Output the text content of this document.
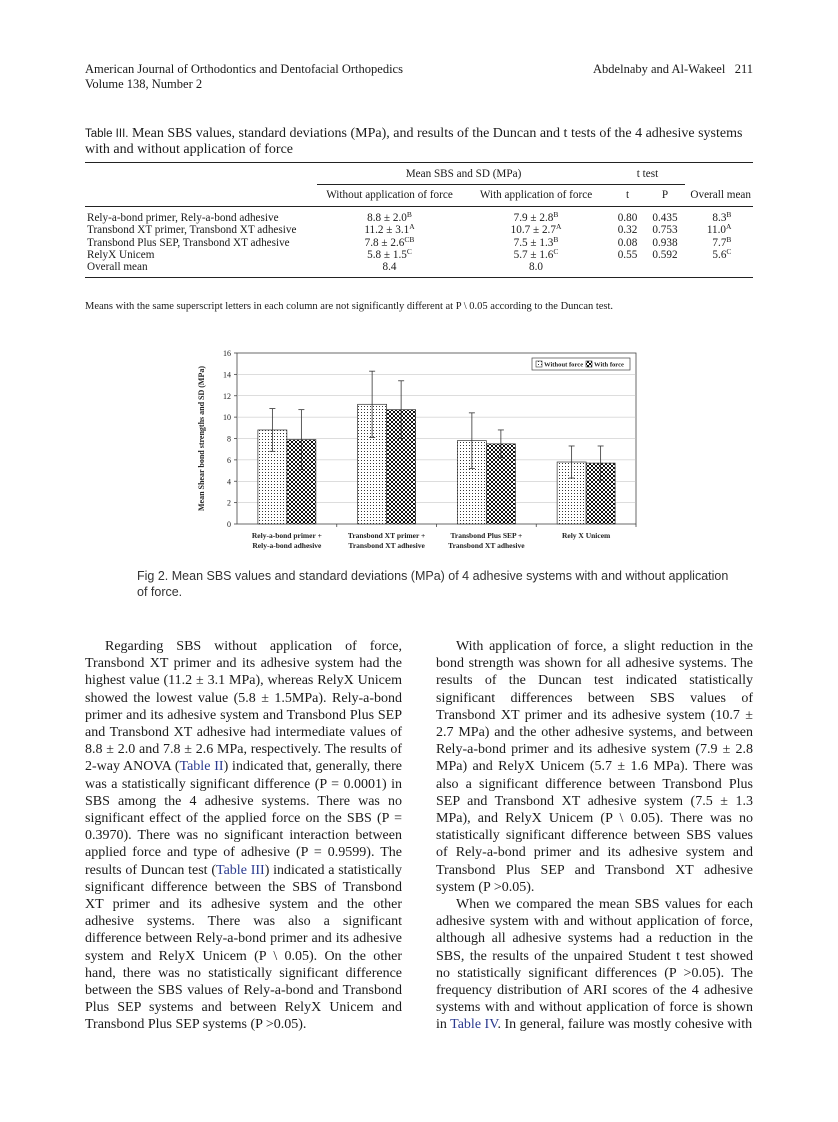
American Journal of Orthodontics and Dentofacial Orthopedics
Volume 138, Number 2
Abdelnaby and Al-Wakeel 211
Table III. Mean SBS values, standard deviations (MPa), and results of the Duncan and t tests of the 4 adhesive systems with and without application of force
	Mean SBS and SD (MPa)		t test		
	Without application of force	With application of force	t	P	Overall mean
Rely-a-bond primer, Rely-a-bond adhesive	$8.8 \pm 2.0^B$	$7.9 \pm 2.8^B$	0.80	0.435	$8.3^B$
Transbond XT primer, Transbond XT adhesive	$11.2 \pm 3.1^A$	$10.7 \pm 2.7^A$	0.32	0.753	$11.0^A$
Transbond Plus SEP, Transbond XT adhesive	$7.8 \pm 2.6^{CB}$	$7.5 \pm 1.3^B$	0.08	0.938	$7.7^B$
RelyX Unicem	$5.8 \pm 1.5^C$	$5.7 \pm 1.6^C$	0.55	0.592	$5.6^C$
Overall mean	8.4	8.0			
Means with the same superscript letters in each column are not significantly different at P \ 0.05 according to the Duncan test.
0
2
4
6
8
10
12
14
16
Mean Shear bond strengths and SD (MPa)
Rely-a-bond primer +
Rely-a-bond adhesive
Transbond XT primer +
Transbond XT adhesive
Transbond Plus SEP +
Transbond XT adhesive
Rely X Unicem
Without force With force
Fig 2. Mean SBS values and standard deviations (MPa) of 4 adhesive systems with and without application of force.

Regarding SBS without application of force, Transbond XT primer and its adhesive system had the highest value (11.2 ± 3.1 MPa), whereas RelyX Unicem showed the lowest value (5.8 ± 1.5MPa). Rely-a-bond primer and its adhesive system and Transbond Plus SEP and Transbond XT adhesive had intermediate values of 8.8 ± 2.0 and 7.8 ± 2.6 MPa, respectively. The results of 2-way ANOVA (Table II) indicated that, generally, there was a statistically significant difference (P = 0.0001) in SBS among the 4 adhesive systems. There was no significant effect of the applied force on the SBS (P = 0.3970). There was no significant interaction between applied force and type of adhesive (P = 0.9599). The results of Duncan test (Table III) indicated a statistically significant difference between the SBS of Transbond XT primer and its adhesive system and the other adhesive systems. There was also a significant difference between Rely-a-bond primer and its adhesive system and RelyX Unicem (P \ 0.05). On the other hand, there was no statistically significant difference between the SBS values of Rely-a-bond and Transbond Plus SEP systems and between RelyX Unicem and Transbond Plus SEP systems (P >0.05).

With application of force, a slight reduction in the bond strength was shown for all adhesive systems. The results of the Duncan test indicated statistically significant differences between SBS values of Transbond XT primer and its adhesive system (10.7 ± 2.7 MPa) and the other adhesive systems, and between Rely-a-bond primer and its adhesive system (7.9 ± 2.8 MPa) and RelyX Unicem (5.7 ± 1.6 MPa). There was also a significant difference between Transbond Plus SEP and Transbond XT adhesive system (7.5 ± 1.3 MPa), and RelyX Unicem (P \ 0.05). There was no statistically significant difference between SBS values of Rely-a-bond primer and its adhesive system and Transbond Plus SEP and Transbond XT adhesive system (P >0.05).

When we compared the mean SBS values for each adhesive system with and without application of force, although all adhesive systems had a reduction in the SBS, the results of the unpaired Student t test showed no statistically significant differences (P >0.05). The frequency distribution of ARI scores of the 4 adhesive systems with and without application of force is shown in Table IV. In general, failure was mostly cohesive with
